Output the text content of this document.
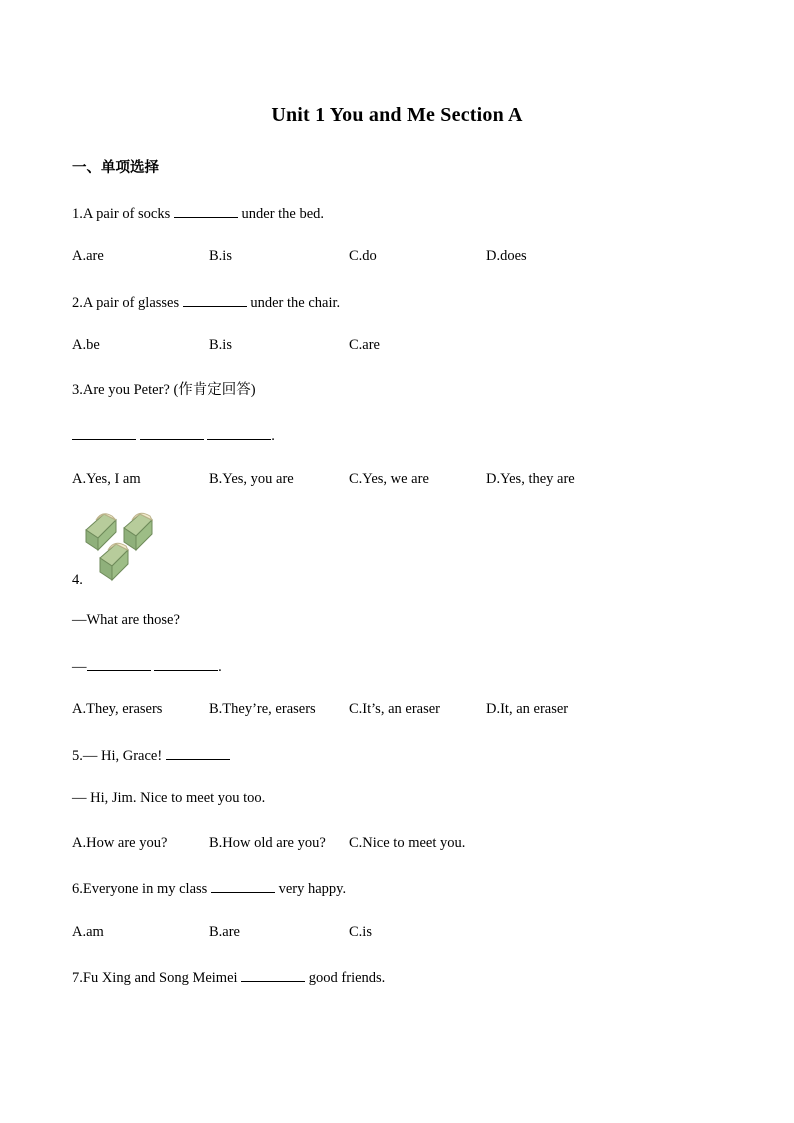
Unit 1 You and Me Section A
一、单项选择
1.A pair of socks	under the bed.
A.are	B.is	C.do	D.does
2.A pair of glasses	under the chair.
A.be	B.is	C.are
3.Are you Peter? (作肯定回答)
.
A.Yes, I am	B.Yes, you are	C.Yes, we are	D.Yes, they are
4.
—What are those?
—	.
A.They, erasers	B.They’re, erasers C.It’s, an eraser	D.It, an eraser
5.— Hi, Grace!
— Hi, Jim. Nice to meet you too.
A.How are you?	B.How old are you? C.Nice to meet you.
6.Everyone in my class	very happy.
A.am	B.are	C.is
7.Fu Xing and Song Meimei	good friends.
